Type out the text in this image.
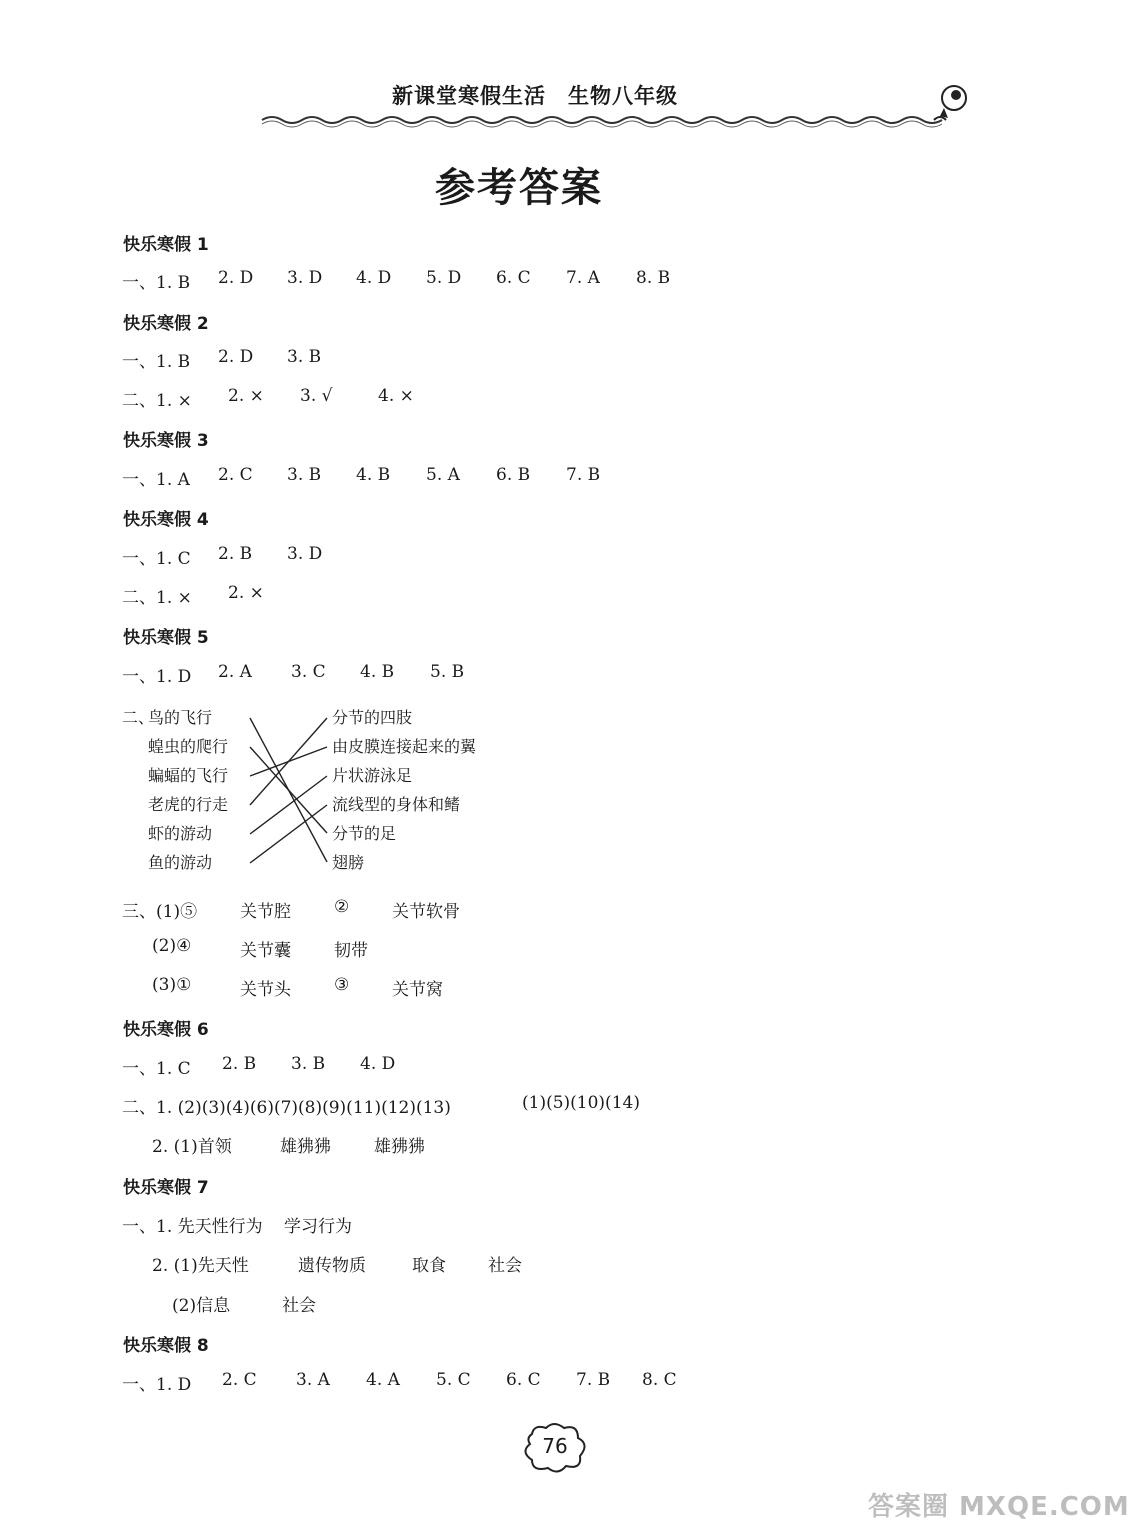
新课堂寒假生活　生物八年级
参考答案
快乐寒假 1
一、1. B 2. D 3. D 4. D 5. D 6. C 7. A 8. B
快乐寒假 2
一、1. B 2. D 3. B
二、1. × 2. × 3. √	4. ×
快乐寒假 3
一、1. A 2. C 3. B 4. B 5. A 6. B 7. B
快乐寒假 4
一、1. C 2. B 3. D
二、1. × 2. ×
快乐寒假 5
一、1. D 2. A 3. C 4. B 5. B
二、
鸟的飞行
蝗虫的爬行
蝙蝠的飞行
老虎的行走
虾的游动
鱼的游动
分节的四肢
由皮膜连接起来的翼
片状游泳足
流线型的身体和鳍
分节的足
翅膀
三、(1)⑤	关节腔	②	关节软骨
(2)④	关节囊	韧带
(3)①	关节头	③	关节窝
快乐寒假 6
一、1. C 2. B 3. B 4. D
二、1. (2)(3)(4)(6)(7)(8)(9)(11)(12)(13)	(1)(5)(10)(14)
2. (1)首领	雄狒狒	雄狒狒
快乐寒假 7
一、1. 先天性行为 学习行为
2. (1)先天性	遗传物质	取食 社会
(2)信息	社会
快乐寒假 8
一、1. D 2. C 3. A 4. A 5. C 6. C 7. B 8. C
76
答案圈 MXQE.COM
